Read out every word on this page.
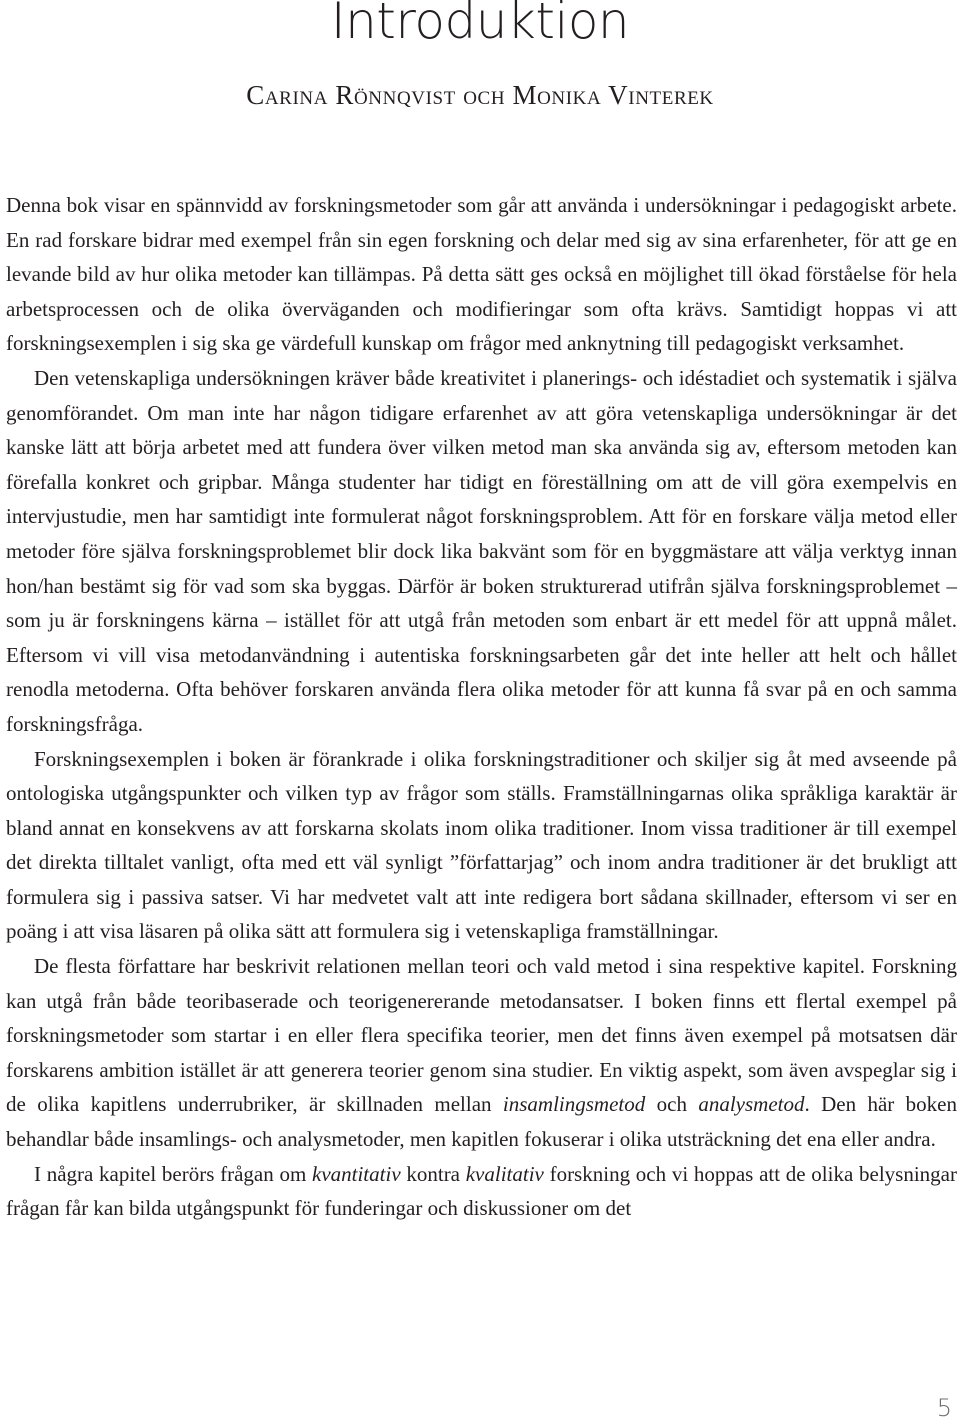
Introduktion
Carina Rönnqvist och Monika Vinterek

Denna bok visar en spännvidd av forskningsmetoder som går att använda i undersökningar i pedagogiskt arbete. En rad forskare bidrar med exempel från sin egen forskning och delar med sig av sina erfarenheter, för att ge en levande bild av hur olika metoder kan tillämpas. På detta sätt ges också en möjlighet till ökad förståelse för hela arbetsprocessen och de olika överväganden och modifieringar som ofta krävs. Samtidigt hoppas vi att forskningsexemplen i sig ska ge värdefull kunskap om frågor med anknytning till pedagogiskt verksamhet.

Den vetenskapliga undersökningen kräver både kreativitet i planerings- och idéstadiet och systematik i själva genomförandet. Om man inte har någon tidigare erfarenhet av att göra vetenskapliga undersökningar är det kanske lätt att börja arbetet med att fundera över vilken metod man ska använda sig av, eftersom metoden kan förefalla konkret och gripbar. Många studenter har tidigt en föreställning om att de vill göra exempelvis en intervjustudie, men har samtidigt inte formulerat något forskningsproblem. Att för en forskare välja metod eller metoder före själva forskningsproblemet blir dock lika bakvänt som för en byggmästare att välja verktyg innan hon/han bestämt sig för vad som ska byggas. Därför är boken strukturerad utifrån själva forskningsproblemet – som ju är forskningens kärna – istället för att utgå från metoden som enbart är ett medel för att uppnå målet. Eftersom vi vill visa metodanvändning i autentiska forskningsarbeten går det inte heller att helt och hållet renodla metoderna. Ofta behöver forskaren använda flera olika metoder för att kunna få svar på en och samma forskningsfråga.

Forskningsexemplen i boken är förankrade i olika forskningstraditioner och skiljer sig åt med avseende på ontologiska utgångspunkter och vilken typ av frågor som ställs. Framställningarnas olika språkliga karaktär är bland annat en konsekvens av att forskarna skolats inom olika traditioner. Inom vissa traditioner är till exempel det direkta tilltalet vanligt, ofta med ett väl synligt ”författarjag” och inom andra traditioner är det brukligt att formulera sig i passiva satser. Vi har medvetet valt att inte redigera bort sådana skillnader, eftersom vi ser en poäng i att visa läsaren på olika sätt att formulera sig i vetenskapliga framställningar.

De flesta författare har beskrivit relationen mellan teori och vald metod i sina respektive kapitel. Forskning kan utgå från både teoribaserade och teorigenererande metodansatser. I boken finns ett flertal exempel på forskningsmetoder som startar i en eller flera specifika teorier, men det finns även exempel på motsatsen där forskarens ambition istället är att generera teorier genom sina studier. En viktig aspekt, som även avspeglar sig i de olika kapitlens underrubriker, är skillnaden mellan insamlingsmetod och analysmetod. Den här boken behandlar både insamlings- och analysmetoder, men kapitlen fokuserar i olika utsträckning det ena eller andra.

I några kapitel berörs frågan om kvantitativ kontra kvalitativ forskning och vi hoppas att de olika belysningar frågan får kan bilda utgångspunkt för funderingar och diskussioner om det

5
